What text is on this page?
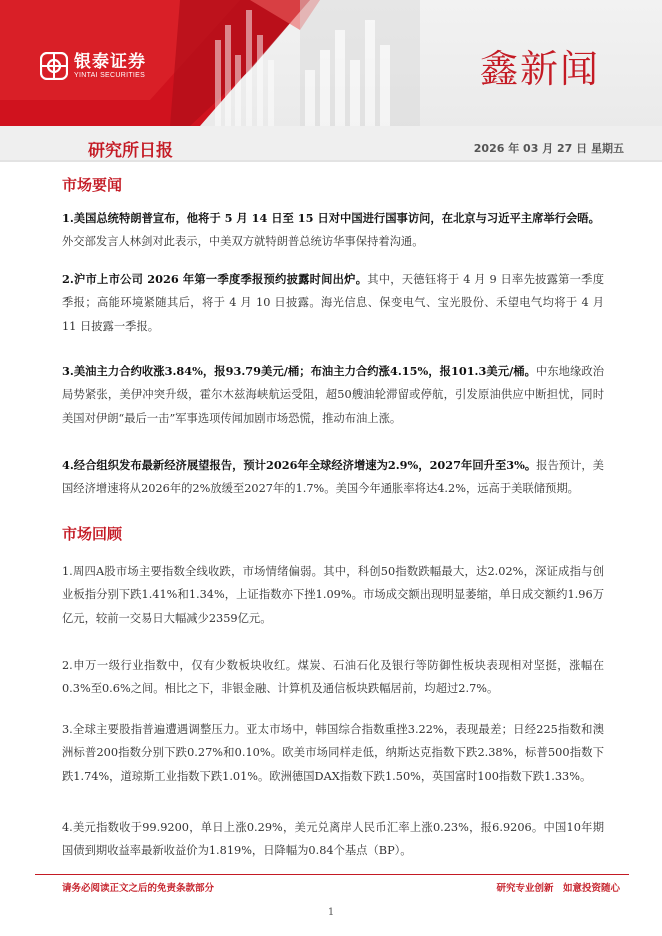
银泰证券
YINTAI SECURITIES	鑫新闻
研究所日报	2026 年 03 月 27 日 星期五
市场要闻
1.美国总统特朗普宣布，他将于 5 月 14 日至 15 日对中国进行国事访问，在北京与习近平主席举行会晤。
外交部发言人林剑对此表示，中美双方就特朗普总统访华事保持着沟通。
2.沪市上市公司 2026 年第一季度季报预约披露时间出炉。其中，天德钰将于 4 月 9 日率先披露第一季度季报；高能环境紧随其后，将于 4 月 10 日披露。海光信息、保变电气、宝光股份、禾望电气均将于 4 月 11 日披露一季报。
3.美油主力合约收涨3.84%，报93.79美元/桶；布油主力合约涨4.15%，报101.3美元/桶。中东地缘政治局势紧张，美伊冲突升级，霍尔木兹海峡航运受阻，超50艘油轮滞留或停航，引发原油供应中断担忧，同时美国对伊朗“最后一击”军事选项传闻加剧市场恐慌，推动布油上涨。
4.经合组织发布最新经济展望报告，预计2026年全球经济增速为2.9%，2027年回升至3%。报告预计，美国经济增速将从2026年的2%放缓至2027年的1.7%。美国今年通胀率将达4.2%，远高于美联储预期。
市场回顾
1.周四A股市场主要指数全线收跌，市场情绪偏弱。其中，科创50指数跌幅最大，达2.02%，深证成指与创业板指分别下跌1.41%和1.34%，上证指数亦下挫1.09%。市场成交额出现明显萎缩，单日成交额约1.96万亿元，较前一交易日大幅减少2359亿元。
2.申万一级行业指数中，仅有少数板块收红。煤炭、石油石化及银行等防御性板块表现相对坚挺，涨幅在0.3%至0.6%之间。相比之下，非银金融、计算机及通信板块跌幅居前，均超过2.7%。
3.全球主要股指普遍遭遇调整压力。亚太市场中，韩国综合指数重挫3.22%，表现最差；日经225指数和澳洲标普200指数分别下跌0.27%和0.10%。欧美市场同样走低，纳斯达克指数下跌2.38%，标普500指数下跌1.74%，道琼斯工业指数下跌1.01%。欧洲德国DAX指数下跌1.50%，英国富时100指数下跌1.33%。
4.美元指数收于99.9200，单日上涨0.29%，美元兑离岸人民币汇率上涨0.23%，报6.9206。中国10年期国债到期收益率最新收益价为1.819%，日降幅为0.84个基点（BP）。
请务必阅读正文之后的免责条款部分	研究专业创新　如意投资随心
1
